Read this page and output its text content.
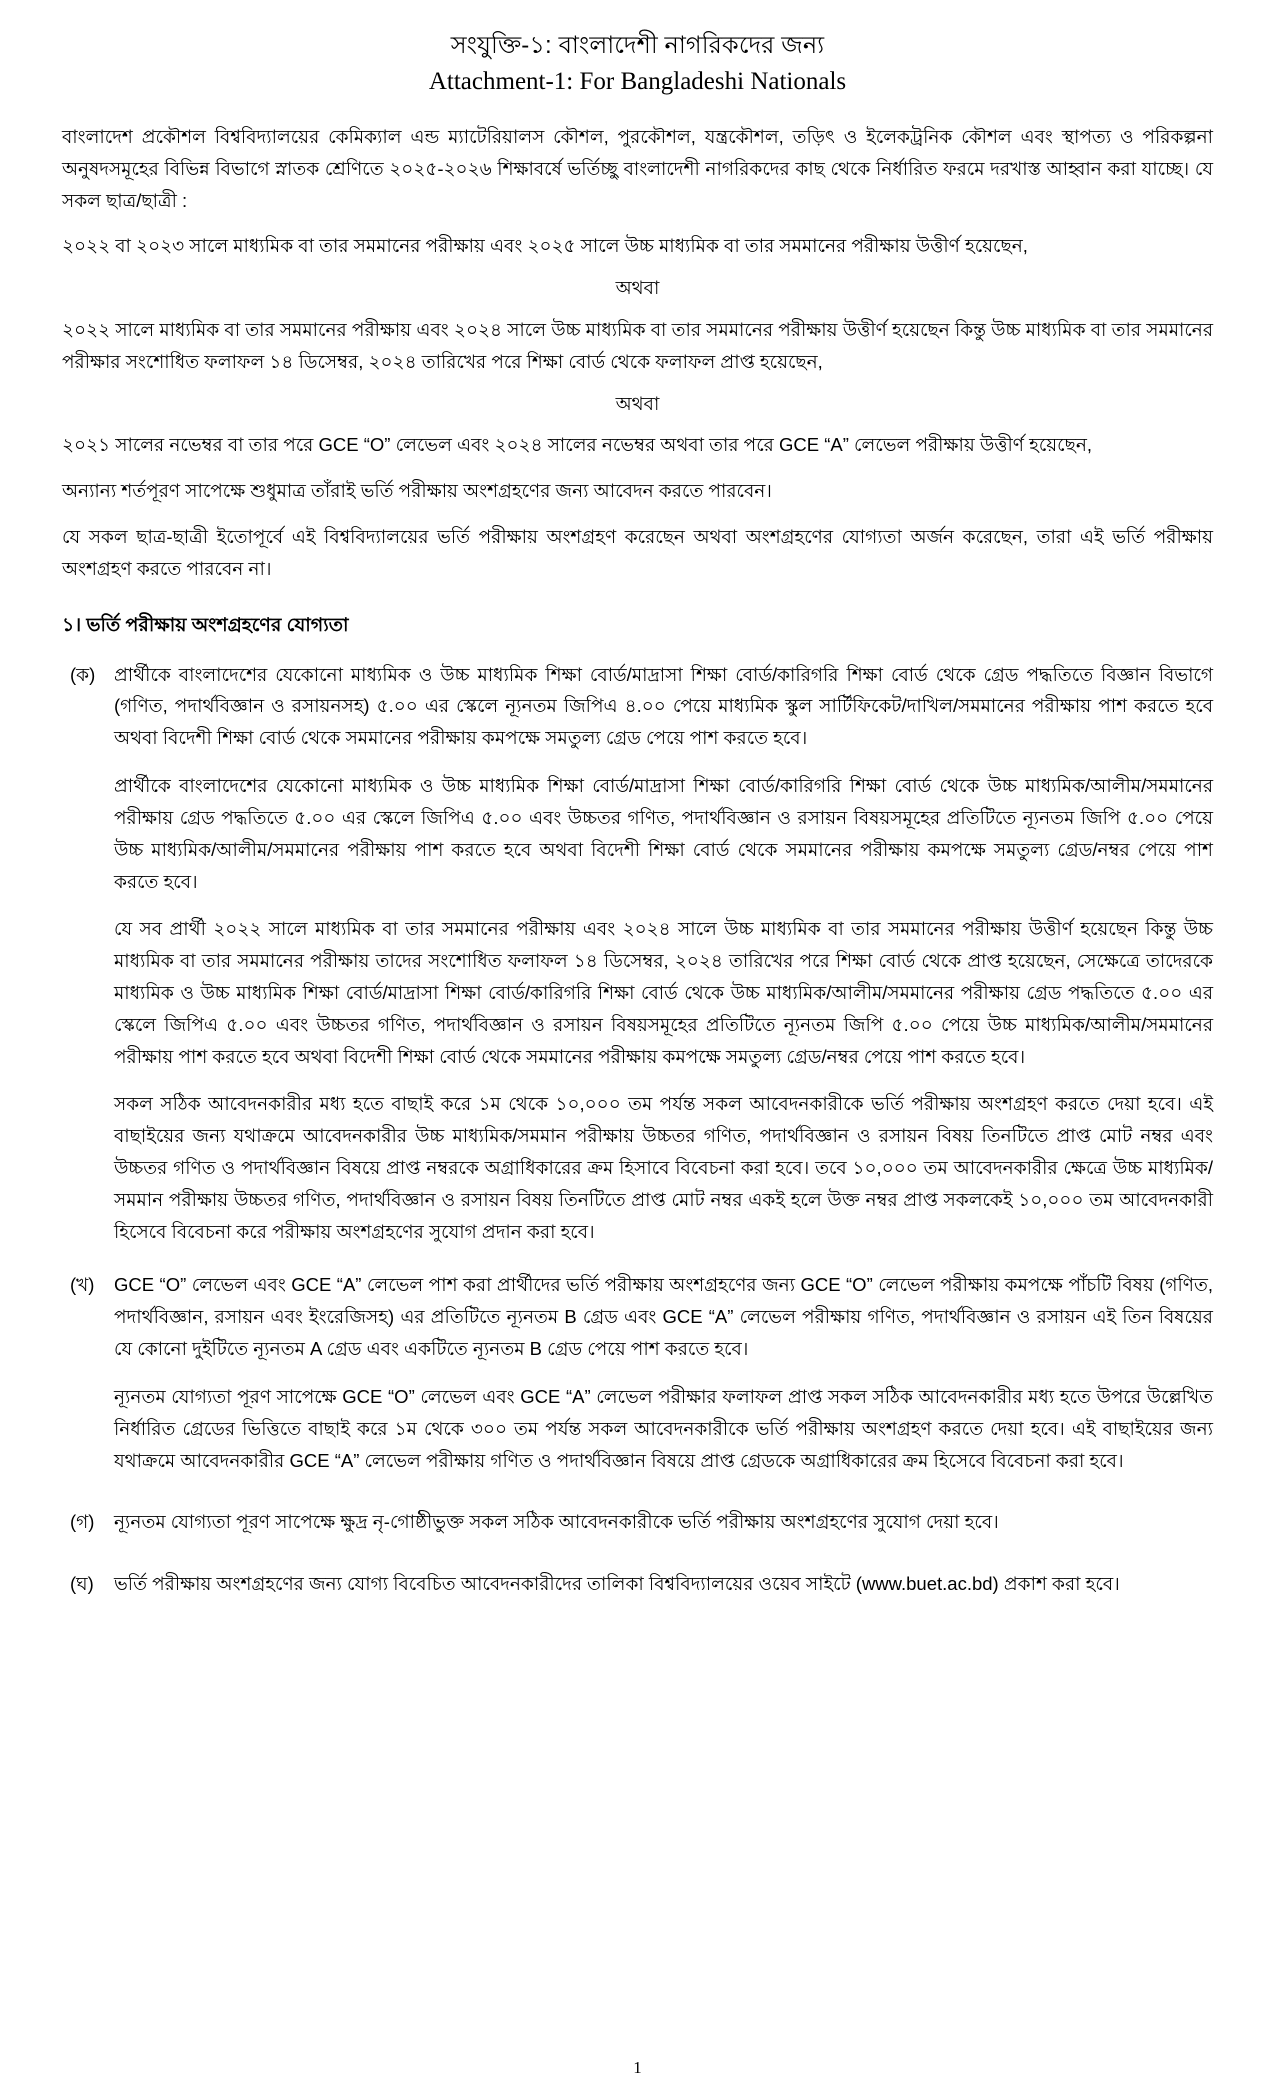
সংযুক্তি-১: বাংলাদেশী নাগরিকদের জন্য
Attachment-1: For Bangladeshi Nationals

বাংলাদেশ প্রকৌশল বিশ্ববিদ্যালয়ের কেমিক্যাল এন্ড ম্যাটেরিয়ালস কৌশল, পুরকৌশল, যন্ত্রকৌশল, তড়িৎ ও ইলেকট্রনিক কৌশল এবং স্থাপত্য ও পরিকল্পনা অনুষদসমূহের বিভিন্ন বিভাগে স্নাতক শ্রেণিতে ২০২৫-২০২৬ শিক্ষাবর্ষে ভর্তিচ্ছু বাংলাদেশী নাগরিকদের কাছ থেকে নির্ধারিত ফরমে দরখাস্ত আহ্বান করা যাচ্ছে। যে সকল ছাত্র/ছাত্রী :

২০২২ বা ২০২৩ সালে মাধ্যমিক বা তার সমমানের পরীক্ষায় এবং ২০২৫ সালে উচ্চ মাধ্যমিক বা তার সমমানের পরীক্ষায় উত্তীর্ণ হয়েছেন,

অথবা

২০২২ সালে মাধ্যমিক বা তার সমমানের পরীক্ষায় এবং ২০২৪ সালে উচ্চ মাধ্যমিক বা তার সমমানের পরীক্ষায় উত্তীর্ণ হয়েছেন কিন্তু উচ্চ মাধ্যমিক বা তার সমমানের পরীক্ষার সংশোধিত ফলাফল ১৪ ডিসেম্বর, ২০২৪ তারিখের পরে শিক্ষা বোর্ড থেকে ফলাফল প্রাপ্ত হয়েছেন,

অথবা

২০২১ সালের নভেম্বর বা তার পরে GCE “O” লেভেল এবং ২০২৪ সালের নভেম্বর অথবা তার পরে GCE “A” লেভেল পরীক্ষায় উত্তীর্ণ হয়েছেন,

অন্যান্য শর্তপূরণ সাপেক্ষে শুধুমাত্র তাঁরাই ভর্তি পরীক্ষায় অংশগ্রহণের জন্য আবেদন করতে পারবেন।

যে সকল ছাত্র-ছাত্রী ইতোপূর্বে এই বিশ্ববিদ্যালয়ের ভর্তি পরীক্ষায় অংশগ্রহণ করেছেন অথবা অংশগ্রহণের যোগ্যতা অর্জন করেছেন, তারা এই ভর্তি পরীক্ষায় অংশগ্রহণ করতে পারবেন না।

১। ভর্তি পরীক্ষায় অংশগ্রহণের যোগ্যতা
(ক)	প্রার্থীকে বাংলাদেশের যেকোনো মাধ্যমিক ও উচ্চ মাধ্যমিক শিক্ষা বোর্ড/মাদ্রাসা শিক্ষা বোর্ড/কারিগরি শিক্ষা বোর্ড থেকে গ্রেড পদ্ধতিতে বিজ্ঞান বিভাগে (গণিত, পদার্থবিজ্ঞান ও রসায়নসহ) ৫.০০ এর স্কেলে ন্যূনতম জিপিএ ৪.০০ পেয়ে মাধ্যমিক স্কুল সার্টিফিকেট/দাখিল/সমমানের পরীক্ষায় পাশ করতে হবে অথবা বিদেশী শিক্ষা বোর্ড থেকে সমমানের পরীক্ষায় কমপক্ষে সমতুল্য গ্রেড পেয়ে পাশ করতে হবে।

প্রার্থীকে বাংলাদেশের যেকোনো মাধ্যমিক ও উচ্চ মাধ্যমিক শিক্ষা বোর্ড/মাদ্রাসা শিক্ষা বোর্ড/কারিগরি শিক্ষা বোর্ড থেকে উচ্চ মাধ্যমিক/আলীম/সমমানের পরীক্ষায় গ্রেড পদ্ধতিতে ৫.০০ এর স্কেলে জিপিএ ৫.০০ এবং উচ্চতর গণিত, পদার্থবিজ্ঞান ও রসায়ন বিষয়সমূহের প্রতিটিতে ন্যূনতম জিপি ৫.০০ পেয়ে উচ্চ মাধ্যমিক/আলীম/সমমানের পরীক্ষায় পাশ করতে হবে অথবা বিদেশী শিক্ষা বোর্ড থেকে সমমানের পরীক্ষায় কমপক্ষে সমতুল্য গ্রেড/নম্বর পেয়ে পাশ করতে হবে।

যে সব প্রার্থী ২০২২ সালে মাধ্যমিক বা তার সমমানের পরীক্ষায় এবং ২০২৪ সালে উচ্চ মাধ্যমিক বা তার সমমানের পরীক্ষায় উত্তীর্ণ হয়েছেন কিন্তু উচ্চ মাধ্যমিক বা তার সমমানের পরীক্ষায় তাদের সংশোধিত ফলাফল ১৪ ডিসেম্বর, ২০২৪ তারিখের পরে শিক্ষা বোর্ড থেকে প্রাপ্ত হয়েছেন, সেক্ষেত্রে তাদেরকে মাধ্যমিক ও উচ্চ মাধ্যমিক শিক্ষা বোর্ড/মাদ্রাসা শিক্ষা বোর্ড/কারিগরি শিক্ষা বোর্ড থেকে উচ্চ মাধ্যমিক/আলীম/সমমানের পরীক্ষায় গ্রেড পদ্ধতিতে ৫.০০ এর স্কেলে জিপিএ ৫.০০ এবং উচ্চতর গণিত, পদার্থবিজ্ঞান ও রসায়ন বিষয়সমূহের প্রতিটিতে ন্যূনতম জিপি ৫.০০ পেয়ে উচ্চ মাধ্যমিক/আলীম/সমমানের পরীক্ষায় পাশ করতে হবে অথবা বিদেশী শিক্ষা বোর্ড থেকে সমমানের পরীক্ষায় কমপক্ষে সমতুল্য গ্রেড/নম্বর পেয়ে পাশ করতে হবে।

সকল সঠিক আবেদনকারীর মধ্য হতে বাছাই করে ১ম থেকে ১০,০০০ তম পর্যন্ত সকল আবেদনকারীকে ভর্তি পরীক্ষায় অংশগ্রহণ করতে দেয়া হবে। এই বাছাইয়ের জন্য যথাক্রমে আবেদনকারীর উচ্চ মাধ্যমিক/সমমান পরীক্ষায় উচ্চতর গণিত, পদার্থবিজ্ঞান ও রসায়ন বিষয় তিনটিতে প্রাপ্ত মোট নম্বর এবং উচ্চতর গণিত ও পদার্থবিজ্ঞান বিষয়ে প্রাপ্ত নম্বরকে অগ্রাধিকারের ক্রম হিসাবে বিবেচনা করা হবে। তবে ১০,০০০ তম আবেদনকারীর ক্ষেত্রে উচ্চ মাধ্যমিক/সমমান পরীক্ষায় উচ্চতর গণিত, পদার্থবিজ্ঞান ও রসায়ন বিষয় তিনটিতে প্রাপ্ত মোট নম্বর একই হলে উক্ত নম্বর প্রাপ্ত সকলকেই ১০,০০০ তম আবেদনকারী হিসেবে বিবেচনা করে পরীক্ষায় অংশগ্রহণের সুযোগ প্রদান করা হবে।

(খ)	GCE “O” লেভেল এবং GCE “A” লেভেল পাশ করা প্রার্থীদের ভর্তি পরীক্ষায় অংশগ্রহণের জন্য GCE “O” লেভেল পরীক্ষায় কমপক্ষে পাঁচটি বিষয় (গণিত, পদার্থবিজ্ঞান, রসায়ন এবং ইংরেজিসহ) এর প্রতিটিতে ন্যূনতম B গ্রেড এবং GCE “A” লেভেল পরীক্ষায় গণিত, পদার্থবিজ্ঞান ও রসায়ন এই তিন বিষয়ের যে কোনো দুইটিতে ন্যূনতম A গ্রেড এবং একটিতে ন্যূনতম B গ্রেড পেয়ে পাশ করতে হবে।

ন্যূনতম যোগ্যতা পূরণ সাপেক্ষে GCE “O” লেভেল এবং GCE “A” লেভেল পরীক্ষার ফলাফল প্রাপ্ত সকল সঠিক আবেদনকারীর মধ্য হতে উপরে উল্লেখিত নির্ধারিত গ্রেডের ভিত্তিতে বাছাই করে ১ম থেকে ৩০০ তম পর্যন্ত সকল আবেদনকারীকে ভর্তি পরীক্ষায় অংশগ্রহণ করতে দেয়া হবে। এই বাছাইয়ের জন্য যথাক্রমে আবেদনকারীর GCE “A” লেভেল পরীক্ষায় গণিত ও পদার্থবিজ্ঞান বিষয়ে প্রাপ্ত গ্রেডকে অগ্রাধিকারের ক্রম হিসেবে বিবেচনা করা হবে।

(গ)	ন্যূনতম যোগ্যতা পূরণ সাপেক্ষে ক্ষুদ্র নৃ-গোষ্ঠীভুক্ত সকল সঠিক আবেদনকারীকে ভর্তি পরীক্ষায় অংশগ্রহণের সুযোগ দেয়া হবে।

(ঘ)	ভর্তি পরীক্ষায় অংশগ্রহণের জন্য যোগ্য বিবেচিত আবেদনকারীদের তালিকা বিশ্ববিদ্যালয়ের ওয়েব সাইটে (www.buet.ac.bd) প্রকাশ করা হবে।

1
